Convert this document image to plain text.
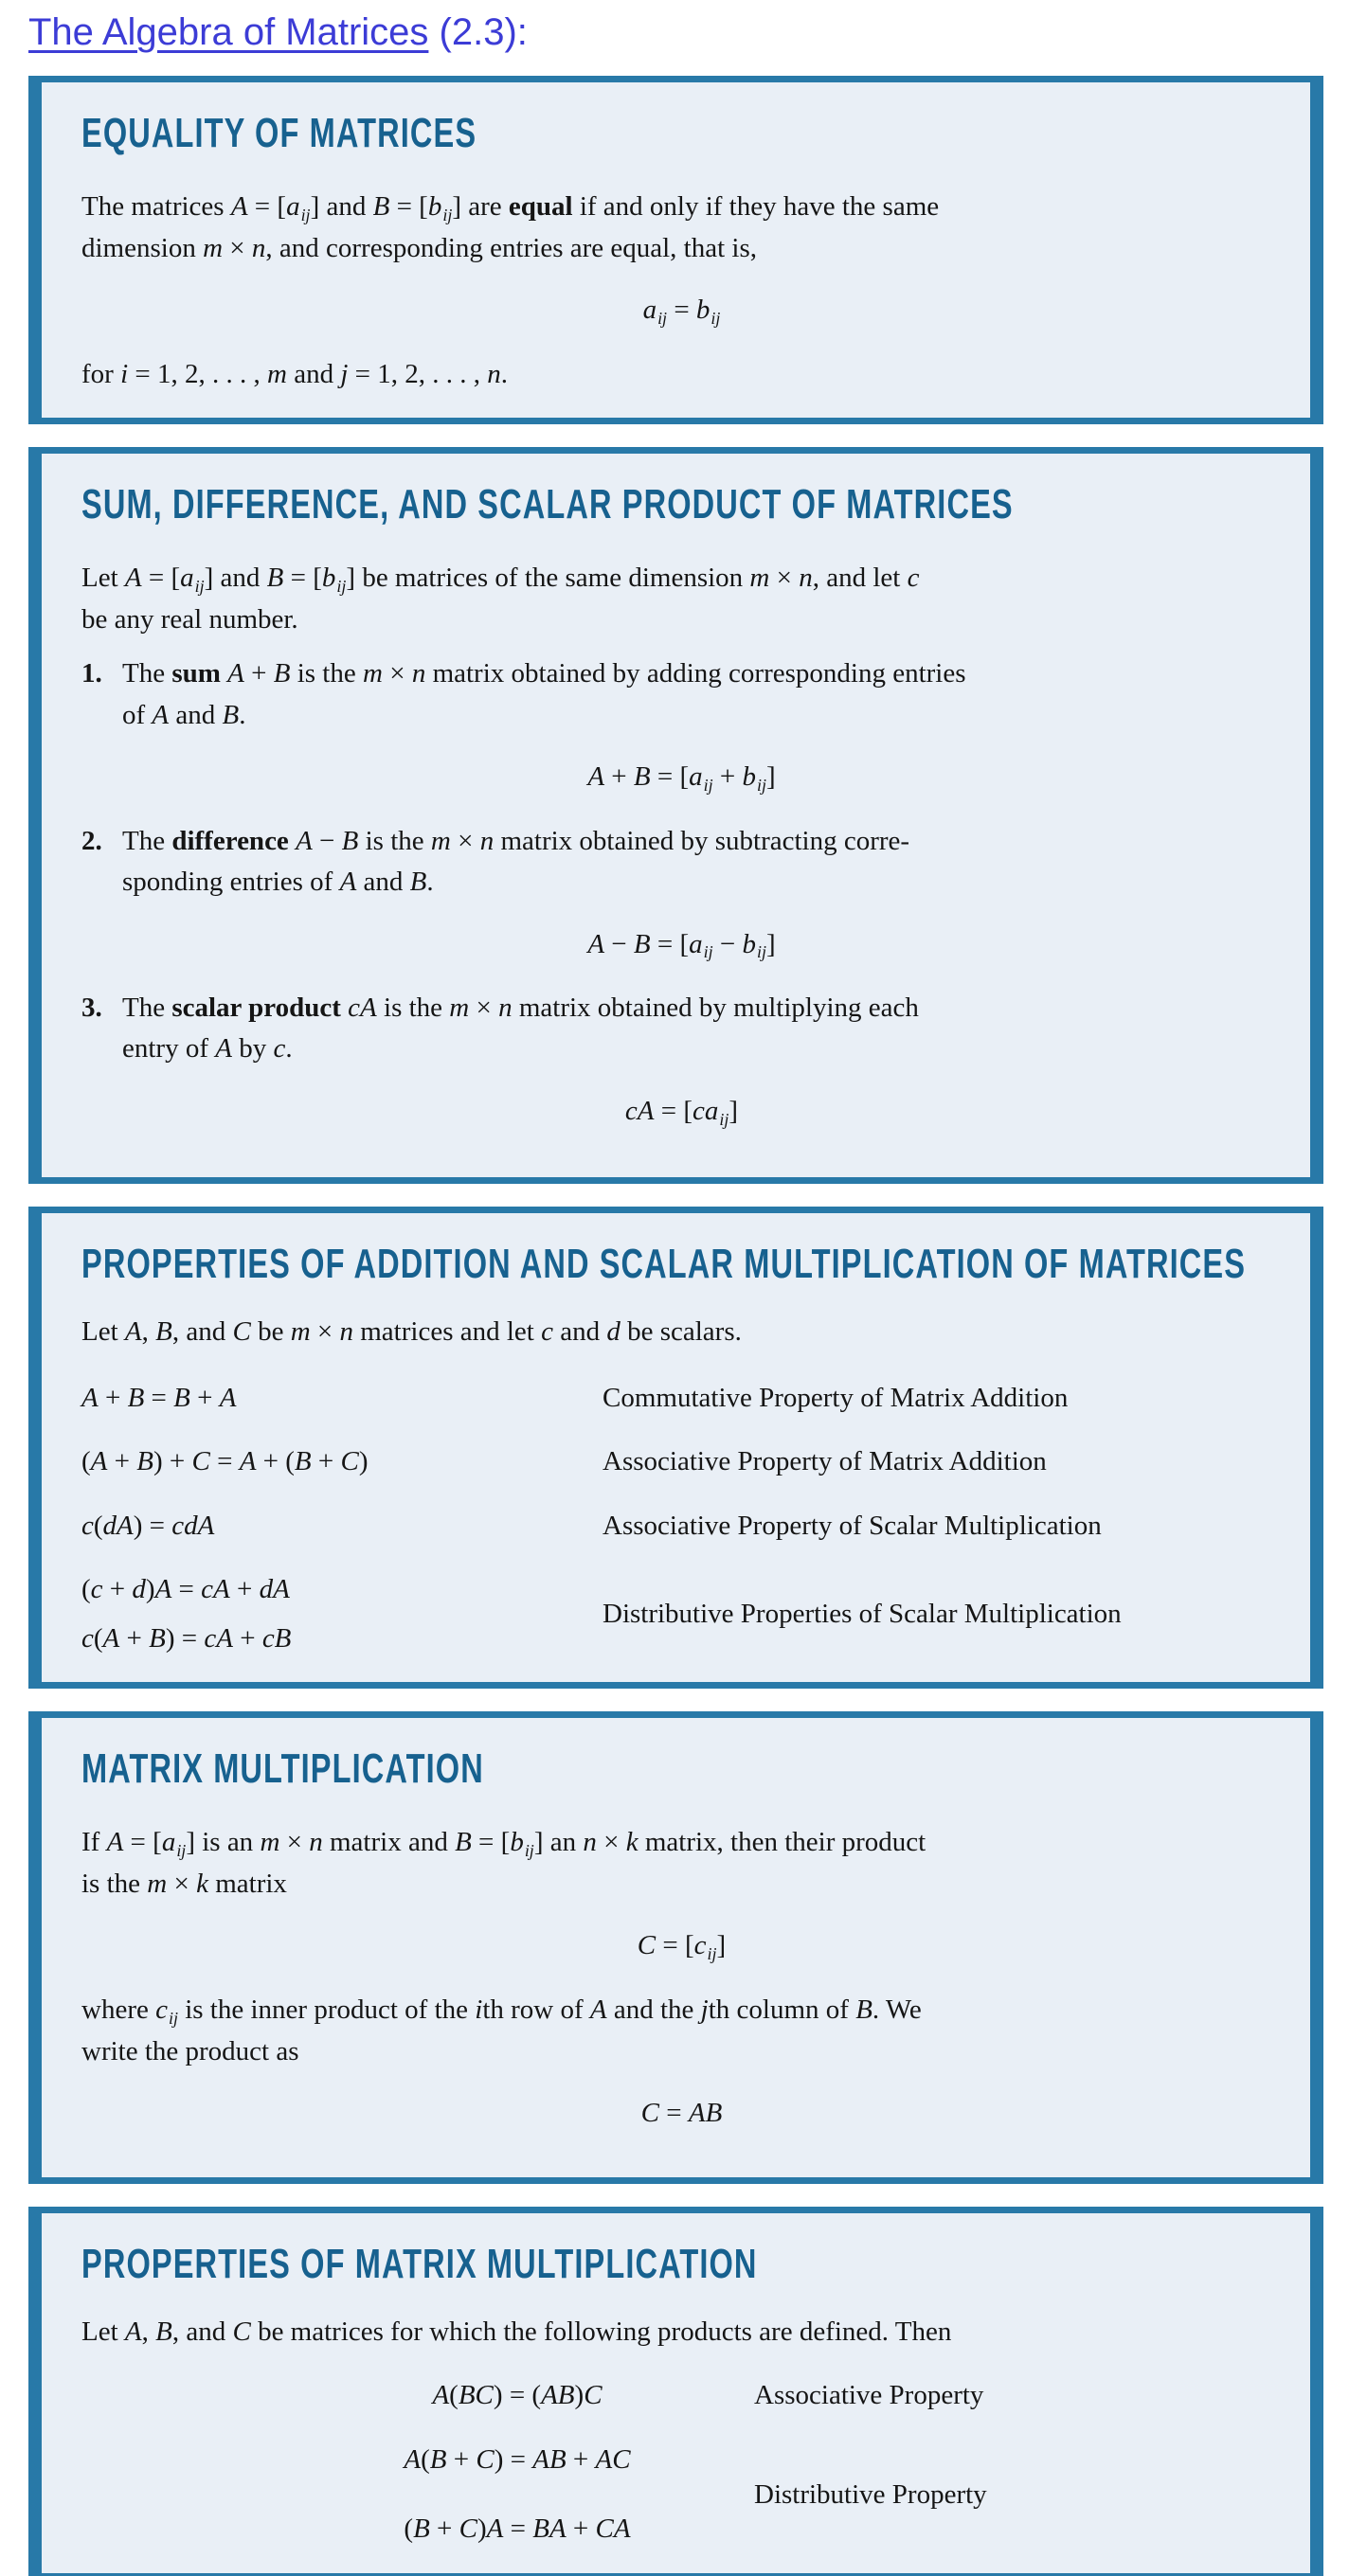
The Algebra of Matrices (2.3):
EQUALITY OF MATRICES

The matrices A = [aij] and B = [bij] are equal if and only if they have the same
dimension m × n, and corresponding entries are equal, that is,

aij = bij

for i = 1, 2, . . . , m and j = 1, 2, . . . , n.

SUM, DIFFERENCE, AND SCALAR PRODUCT OF MATRICES

Let A = [aij] and B = [bij] be matrices of the same dimension m × n, and let c
be any real number.

1. The sum A + B is the m × n matrix obtained by adding corresponding entries
of A and B.
A + B = [aij + bij]
2. The difference A − B is the m × n matrix obtained by subtracting corre-
sponding entries of A and B.
A − B = [aij − bij]
3. The scalar product cA is the m × n matrix obtained by multiplying each
entry of A by c.
cA = [caij]
PROPERTIES OF ADDITION AND SCALAR MULTIPLICATION OF MATRICES

Let A, B, and C be m × n matrices and let c and d be scalars.

A + B = B + A	Commutative Property of Matrix Addition
(A + B) + C = A + (B + C)	Associative Property of Matrix Addition
c(dA) = cdA	Associative Property of Scalar Multiplication
(c + d)A = cA + dA
c(A + B) = cA + cB
Distributive Properties of Scalar Multiplication
MATRIX MULTIPLICATION

If A = [aij] is an m × n matrix and B = [bij] an n × k matrix, then their product
is the m × k matrix

C = [cij]

where cij is the inner product of the ith row of A and the jth column of B. We
write the product as

C = AB
PROPERTIES OF MATRIX MULTIPLICATION

Let A, B, and C be matrices for which the following products are defined. Then

A(BC) = (AB)C	Associative Property
A(B + C) = AB + AC
(B + C)A = BA + CA
Distributive Property
